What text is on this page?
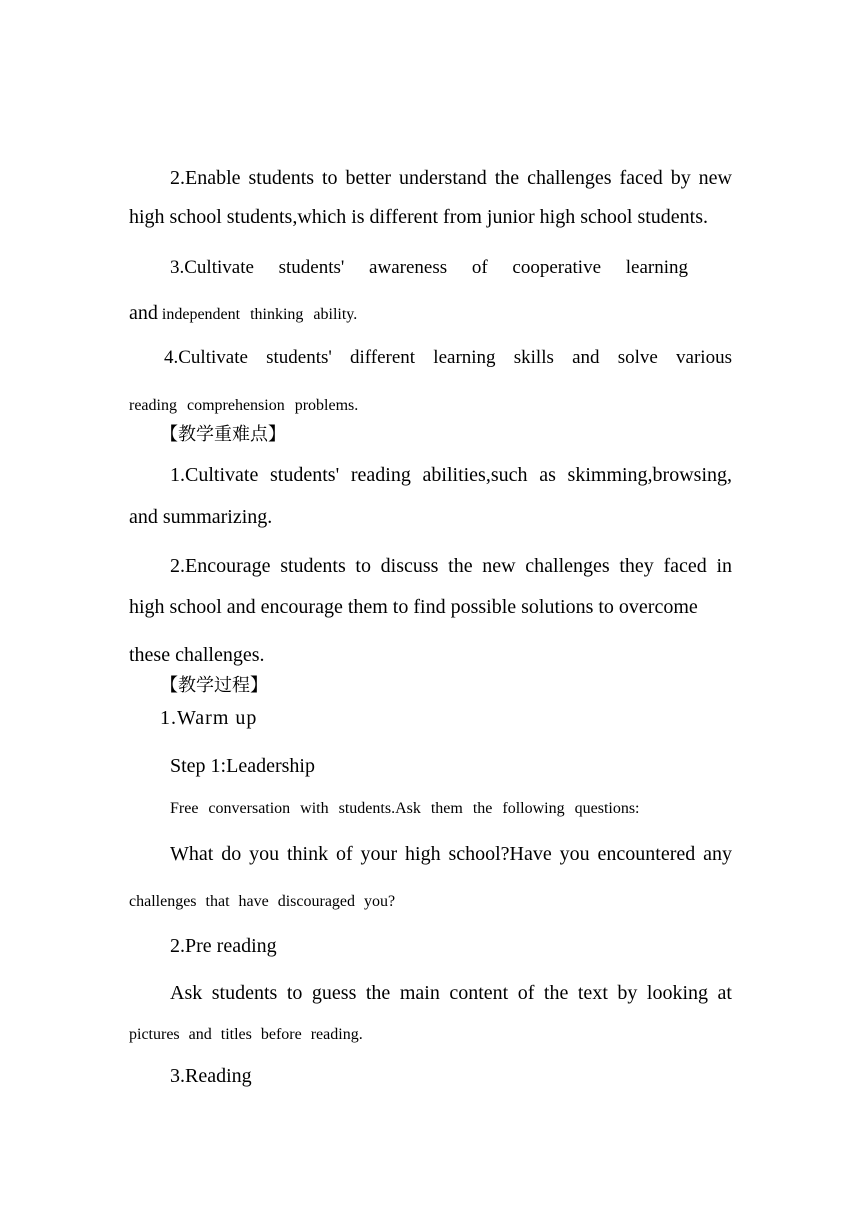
2.Enable students to better understand the challenges faced by new

high school students,which is different from junior high school students.

3.Cultivate students' awareness of cooperative learning

and independent thinking ability.

4.Cultivate students' different learning skills and solve various

reading comprehension problems.

【教学重难点】

1.Cultivate students' reading abilities,such as skimming,browsing,

and summarizing.

2.Encourage students to discuss the new challenges they faced in

high school and encourage them to find possible solutions to overcome

these challenges.

【教学过程】

1.Warm up

Step 1:Leadership

Free conversation with students.Ask them the following questions:

What do you think of your high school?Have you encountered any

challenges that have discouraged you?

2.Pre reading

Ask students to guess the main content of the text by looking at

pictures and titles before reading.

3.Reading
